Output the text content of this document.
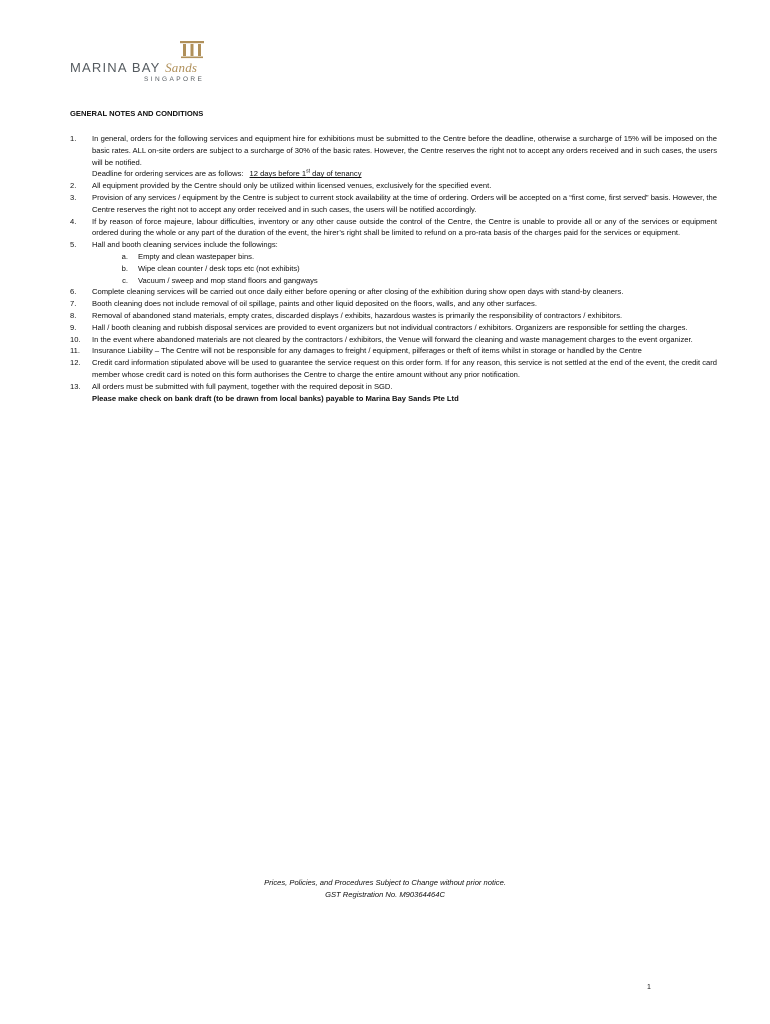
MARINA BAY Sands
SINGAPORE
GENERAL NOTES AND CONDITIONS
1.	In general, orders for the following services and equipment hire for exhibitions must be submitted to the Centre before the deadline, otherwise a surcharge of 15% will be imposed on the basic rates. ALL on-site orders are subject to a surcharge of 30% of the basic rates. However, the Centre reserves the right not to accept any orders received and in such cases, the users will be notified.
Deadline for ordering services are as follows: 12 days before 1st day of tenancy
2.	All equipment provided by the Centre should only be utilized within licensed venues, exclusively for the specified event.
3.	Provision of any services / equipment by the Centre is subject to current stock availability at the time of ordering. Orders will be accepted on a “first come, first served” basis. However, the Centre reserves the right not to accept any order received and in such cases, the users will be notified accordingly.
4.	If by reason of force majeure, labour difficulties, inventory or any other cause outside the control of the Centre, the Centre is unable to provide all or any of the services or equipment ordered during the whole or any part of the duration of the event, the hirer’s right shall be limited to refund on a pro-rata basis of the charges paid for the services or equipment.
5.	Hall and booth cleaning services include the followings:
a.	Empty and clean wastepaper bins.
b.	Wipe clean counter / desk tops etc (not exhibits)
c.	Vacuum / sweep and mop stand floors and gangways
6.	Complete cleaning services will be carried out once daily either before opening or after closing of the exhibition during show open days with stand-by cleaners.
7.	Booth cleaning does not include removal of oil spillage, paints and other liquid deposited on the floors, walls, and any other surfaces.
8.	Removal of abandoned stand materials, empty crates, discarded displays / exhibits, hazardous wastes is primarily the responsibility of contractors / exhibitors.
9.	Hall / booth cleaning and rubbish disposal services are provided to event organizers but not individual contractors / exhibitors. Organizers are responsible for settling the charges.
10.	In the event where abandoned materials are not cleared by the contractors / exhibitors, the Venue will forward the cleaning and waste management charges to the event organizer.
11.	Insurance Liability – The Centre will not be responsible for any damages to freight / equipment, pilferages or theft of items whilst in storage or handled by the Centre
12.	Credit card information stipulated above will be used to guarantee the service request on this order form. If for any reason, this service is not settled at the end of the event, the credit card member whose credit card is noted on this form authorises the Centre to charge the entire amount without any prior notification.
13.	All orders must be submitted with full payment, together with the required deposit in SGD.
Please make check on bank draft (to be drawn from local banks) payable to Marina Bay Sands Pte Ltd
Prices, Policies, and Procedures Subject to Change without prior notice.
GST Registration No. M90364464C
1
